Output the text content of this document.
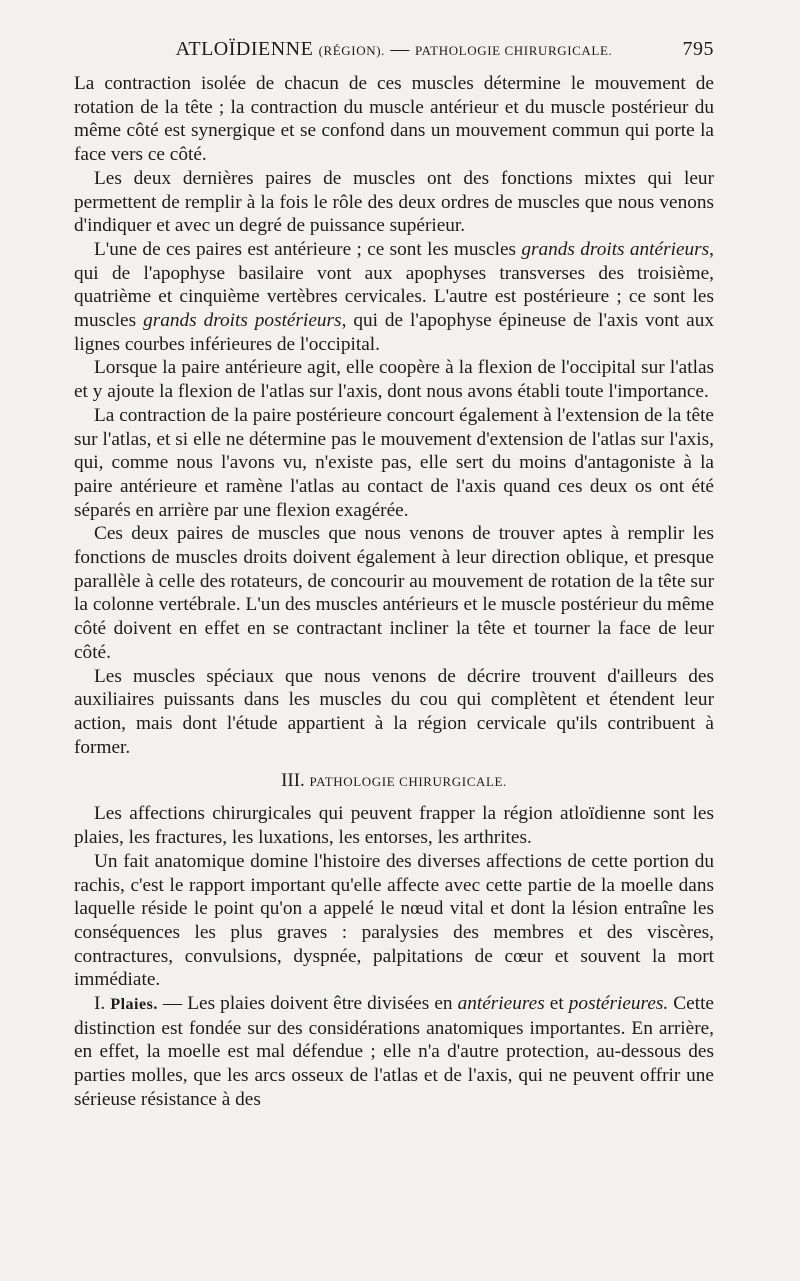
ATLOÏDIENNE (RÉGION). — PATHOLOGIE CHIRURGICALE.	795

La contraction isolée de chacun de ces muscles détermine le mouvement de rotation de la tête ; la contraction du muscle antérieur et du muscle postérieur du même côté est synergique et se confond dans un mouvement commun qui porte la face vers ce côté.

Les deux dernières paires de muscles ont des fonctions mixtes qui leur permettent de remplir à la fois le rôle des deux ordres de muscles que nous venons d'indiquer et avec un degré de puissance supérieur.

L'une de ces paires est antérieure ; ce sont les muscles grands droits antérieurs, qui de l'apophyse basilaire vont aux apophyses transverses des troisième, quatrième et cinquième vertèbres cervicales. L'autre est postérieure ; ce sont les muscles grands droits postérieurs, qui de l'apophyse épineuse de l'axis vont aux lignes courbes inférieures de l'occipital.

Lorsque la paire antérieure agit, elle coopère à la flexion de l'occipital sur l'atlas et y ajoute la flexion de l'atlas sur l'axis, dont nous avons établi toute l'importance.

La contraction de la paire postérieure concourt également à l'extension de la tête sur l'atlas, et si elle ne détermine pas le mouvement d'extension de l'atlas sur l'axis, qui, comme nous l'avons vu, n'existe pas, elle sert du moins d'antagoniste à la paire antérieure et ramène l'atlas au contact de l'axis quand ces deux os ont été séparés en arrière par une flexion exagérée.

Ces deux paires de muscles que nous venons de trouver aptes à remplir les fonctions de muscles droits doivent également à leur direction oblique, et presque parallèle à celle des rotateurs, de concourir au mouvement de rotation de la tête sur la colonne vertébrale. L'un des muscles antérieurs et le muscle postérieur du même côté doivent en effet en se contractant incliner la tête et tourner la face de leur côté.

Les muscles spéciaux que nous venons de décrire trouvent d'ailleurs des auxiliaires puissants dans les muscles du cou qui complètent et étendent leur action, mais dont l'étude appartient à la région cervicale qu'ils contribuent à former.

III. PATHOLOGIE CHIRURGICALE.

Les affections chirurgicales qui peuvent frapper la région atloïdienne sont les plaies, les fractures, les luxations, les entorses, les arthrites.

Un fait anatomique domine l'histoire des diverses affections de cette portion du rachis, c'est le rapport important qu'elle affecte avec cette partie de la moelle dans laquelle réside le point qu'on a appelé le nœud vital et dont la lésion entraîne les conséquences les plus graves : paralysies des membres et des viscères, contractures, convulsions, dyspnée, palpitations de cœur et souvent la mort immédiate.

I. Plaies. — Les plaies doivent être divisées en antérieures et postérieures. Cette distinction est fondée sur des considérations anatomiques importantes. En arrière, en effet, la moelle est mal défendue ; elle n'a d'autre protection, au-dessous des parties molles, que les arcs osseux de l'atlas et de l'axis, qui ne peuvent offrir une sérieuse résistance à des
